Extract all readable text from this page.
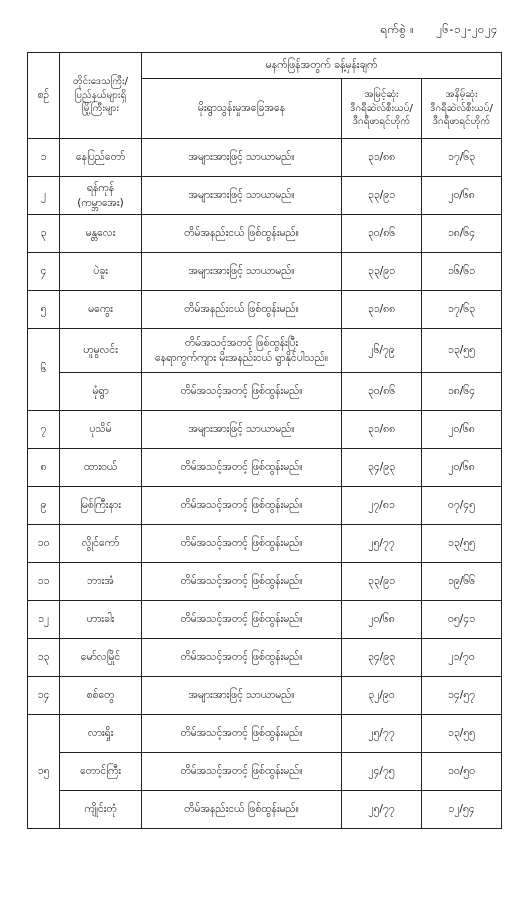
ရက်စွဲ ။ ၂၆-၁၂-၂၀၂၄
စဉ်	တိုင်းဒေသကြီး/
ပြည်နယ်များရှိ
မြို့ကြီးများ	မနက်ဖြန်အတွက် ခန့်မှန်းချက်		
		မိုးရွာသွန်းမှုအခြေအနေ	အမြင့်ဆုံး
ဒီဂရီဆဲလ်စီးယပ်/
ဒီဂရီဖာရင်ဟိုက်	အနိမ့်ဆုံး
ဒီဂရီဆဲလ်စီးယပ်/
ဒီဂရီဖာရင်ဟိုက်

၁	နေပြည်တော်	အများအားဖြင့် သာယာမည်။	၃၁/၈၈	၁၇/၆၃
၂	ရန်ကုန်
(ကမ္ဘာအေး)	အများအားဖြင့် သာယာမည်။	၃၃/၉၁	၂၀/၆၈
၃	မန္တလေး	တိမ်အနည်းငယ် ဖြစ်ထွန်းမည်။	၃၀/၈၆	၁၈/၆၄
၄	ပဲခူး	အများအားဖြင့် သာယာမည်။	၃၃/၉၁	၁၆/၆၁
၅	မကွေး	တိမ်အနည်းငယ် ဖြစ်ထွန်းမည်။	၃၁/၈၈	၁၇/၆၃
၆	ဟူမွလင်း	တိမ်အသင့်အတင့် ဖြစ်ထွန်းပြီး
နေရာကွက်ကျား မိုးအနည်းငယ် ရွာနိုင်ပါသည်။	၂၆/၇၉	၁၃/၅၅
	မုံရွာ	တိမ်အသင့်အတင့် ဖြစ်ထွန်းမည်။	၃၀/၈၆	၁၈/၆၄
၇	ပုသိမ်	အများအားဖြင့် သာယာမည်။	၃၁/၈၈	၂၀/၆၈
၈	ထားဝယ်	တိမ်အသင့်အတင့် ဖြစ်ထွန်းမည်။	၃၄/၉၃	၂၀/၆၈
၉	မြစ်ကြီးနား	တိမ်အသင့်အတင့် ဖြစ်ထွန်းမည်။	၂၇/၈၁	၀၇/၄၅
၁၀	လွိုင်ကော်	တိမ်အသင့်အတင့် ဖြစ်ထွန်းမည်။	၂၅/၇၇	၁၃/၅၅
၁၁	ဘားအံ	တိမ်အသင့်အတင့် ဖြစ်ထွန်းမည်။	၃၃/၉၁	၁၉/၆၆
၁၂	ဟားခါး	တိမ်အသင့်အတင့် ဖြစ်ထွန်းမည်။	၂၀/၆၈	၀၅/၄၁
၁၃	မော်လမြိုင်	တိမ်အသင့်အတင့် ဖြစ်ထွန်းမည်။	၃၄/၉၃	၂၁/၇၀
၁၄	စစ်တွေ	အများအားဖြင့် သာယာမည်။	၃၂/၉၀	၁၄/၅၇
၁၅	လားရှိုး	တိမ်အသင့်အတင့် ဖြစ်ထွန်းမည်။	၂၅/၇၇	၁၃/၅၅
	တောင်ကြီး	တိမ်အသင့်အတင့် ဖြစ်ထွန်းမည်။	၂၄/၇၅	၁၀/၅၀
	ကျိုင်းတုံ	တိမ်အနည်းငယ် ဖြစ်ထွန်းမည်။	၂၅/၇၇	၁၂/၅၄
